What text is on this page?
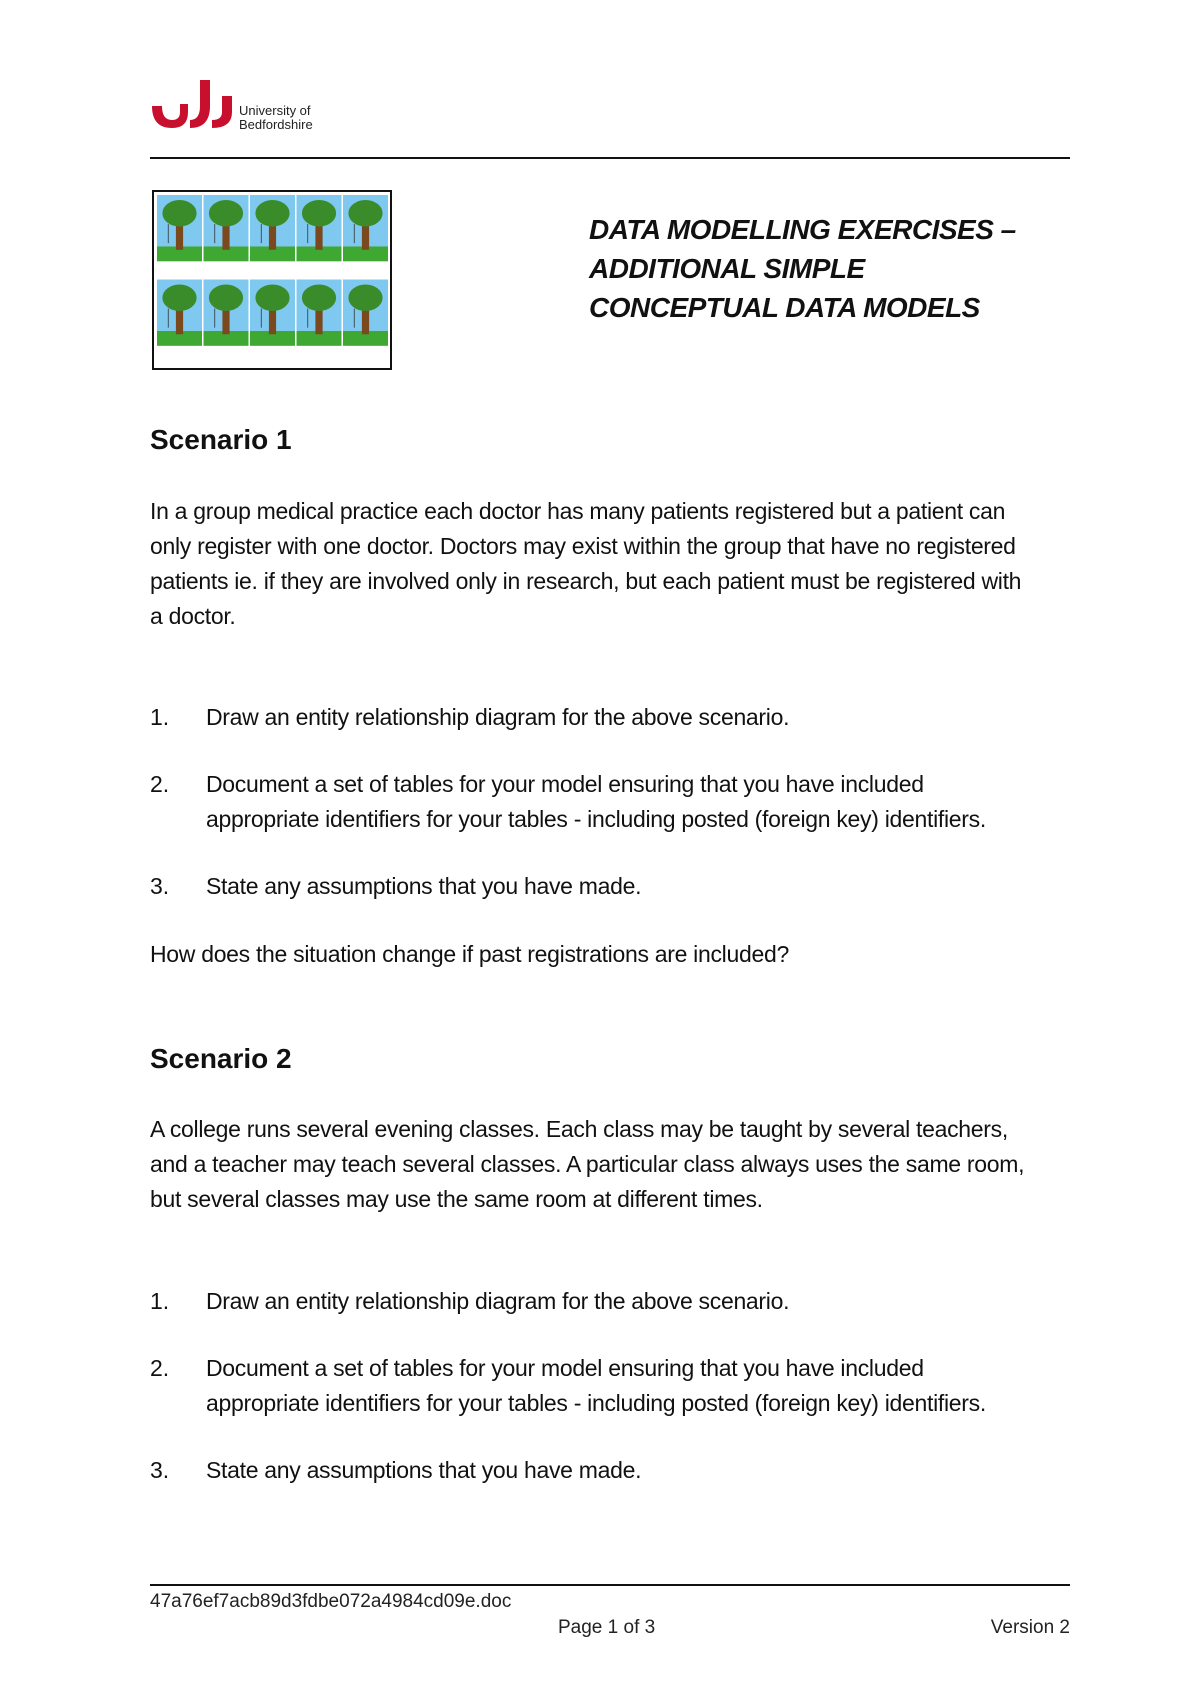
University of
Bedfordshire
DATA MODELLING EXERCISES –
ADDITIONAL SIMPLE
CONCEPTUAL DATA MODELS
Scenario 1
In a group medical practice each doctor has many patients registered but a patient can
only register with one doctor. Doctors may exist within the group that have no registered
patients ie. if they are involved only in research, but each patient must be registered with
a doctor.
1. Draw an entity relationship diagram for the above scenario.
2. Document a set of tables for your model ensuring that you have included
appropriate identifiers for your tables - including posted (foreign key) identifiers.
3. State any assumptions that you have made.
How does the situation change if past registrations are included?
Scenario 2
A college runs several evening classes. Each class may be taught by several teachers,
and a teacher may teach several classes. A particular class always uses the same room,
but several classes may use the same room at different times.
1. Draw an entity relationship diagram for the above scenario.
2. Document a set of tables for your model ensuring that you have included
appropriate identifiers for your tables - including posted (foreign key) identifiers.
3. State any assumptions that you have made.
47a76ef7acb89d3fdbe072a4984cd09e.doc
Page 1 of 3	Version 2
